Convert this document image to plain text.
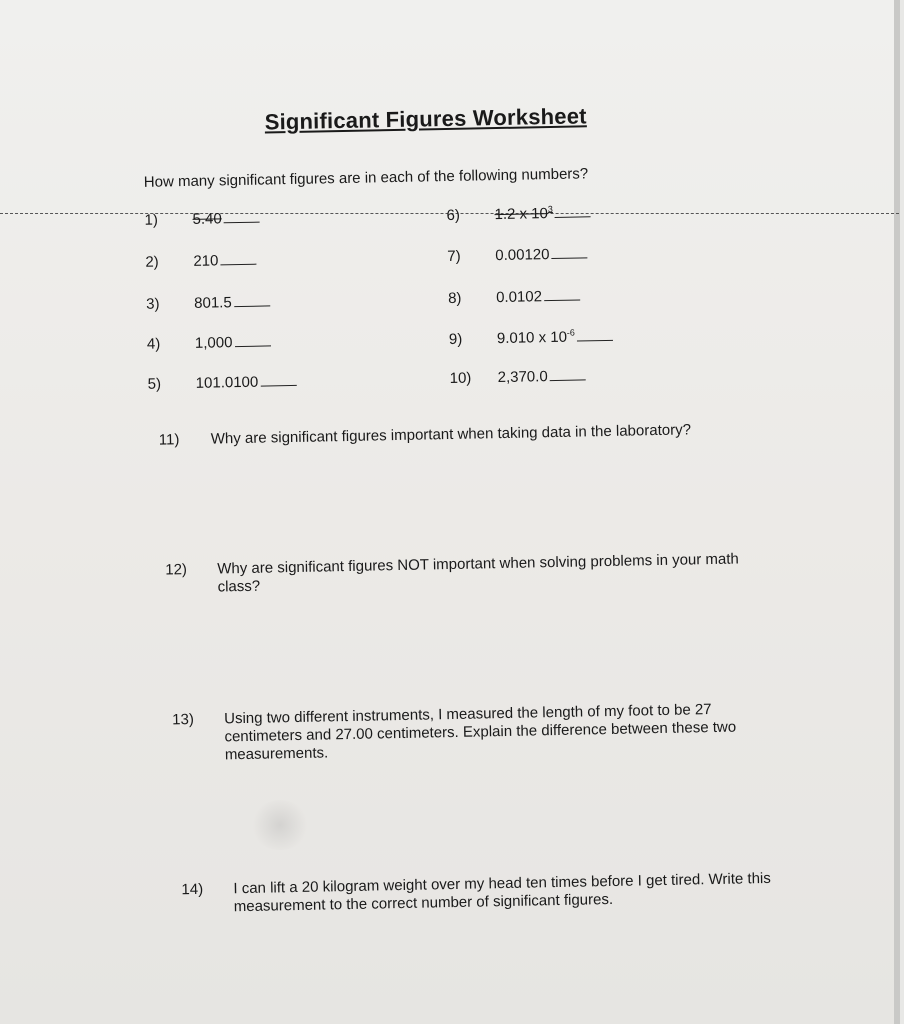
Significant Figures Worksheet
How many significant figures are in each of the following numbers?
1) 5.40
2) 210
3) 801.5
4) 1,000
5) 101.0100
6) 1.2 x $10^3$
7) 0.00120
8) 0.0102
9) 9.010 x $10^{-6}$
10) 2,370.0
11) Why are significant figures important when taking data in the laboratory?
12) Why are significant figures NOT important when solving problems in your math class?
13) Using two different instruments, I measured the length of my foot to be 27 centimeters and 27.00 centimeters. Explain the difference between these two measurements.
14) I can lift a 20 kilogram weight over my head ten times before I get tired. Write this measurement to the correct number of significant figures.
